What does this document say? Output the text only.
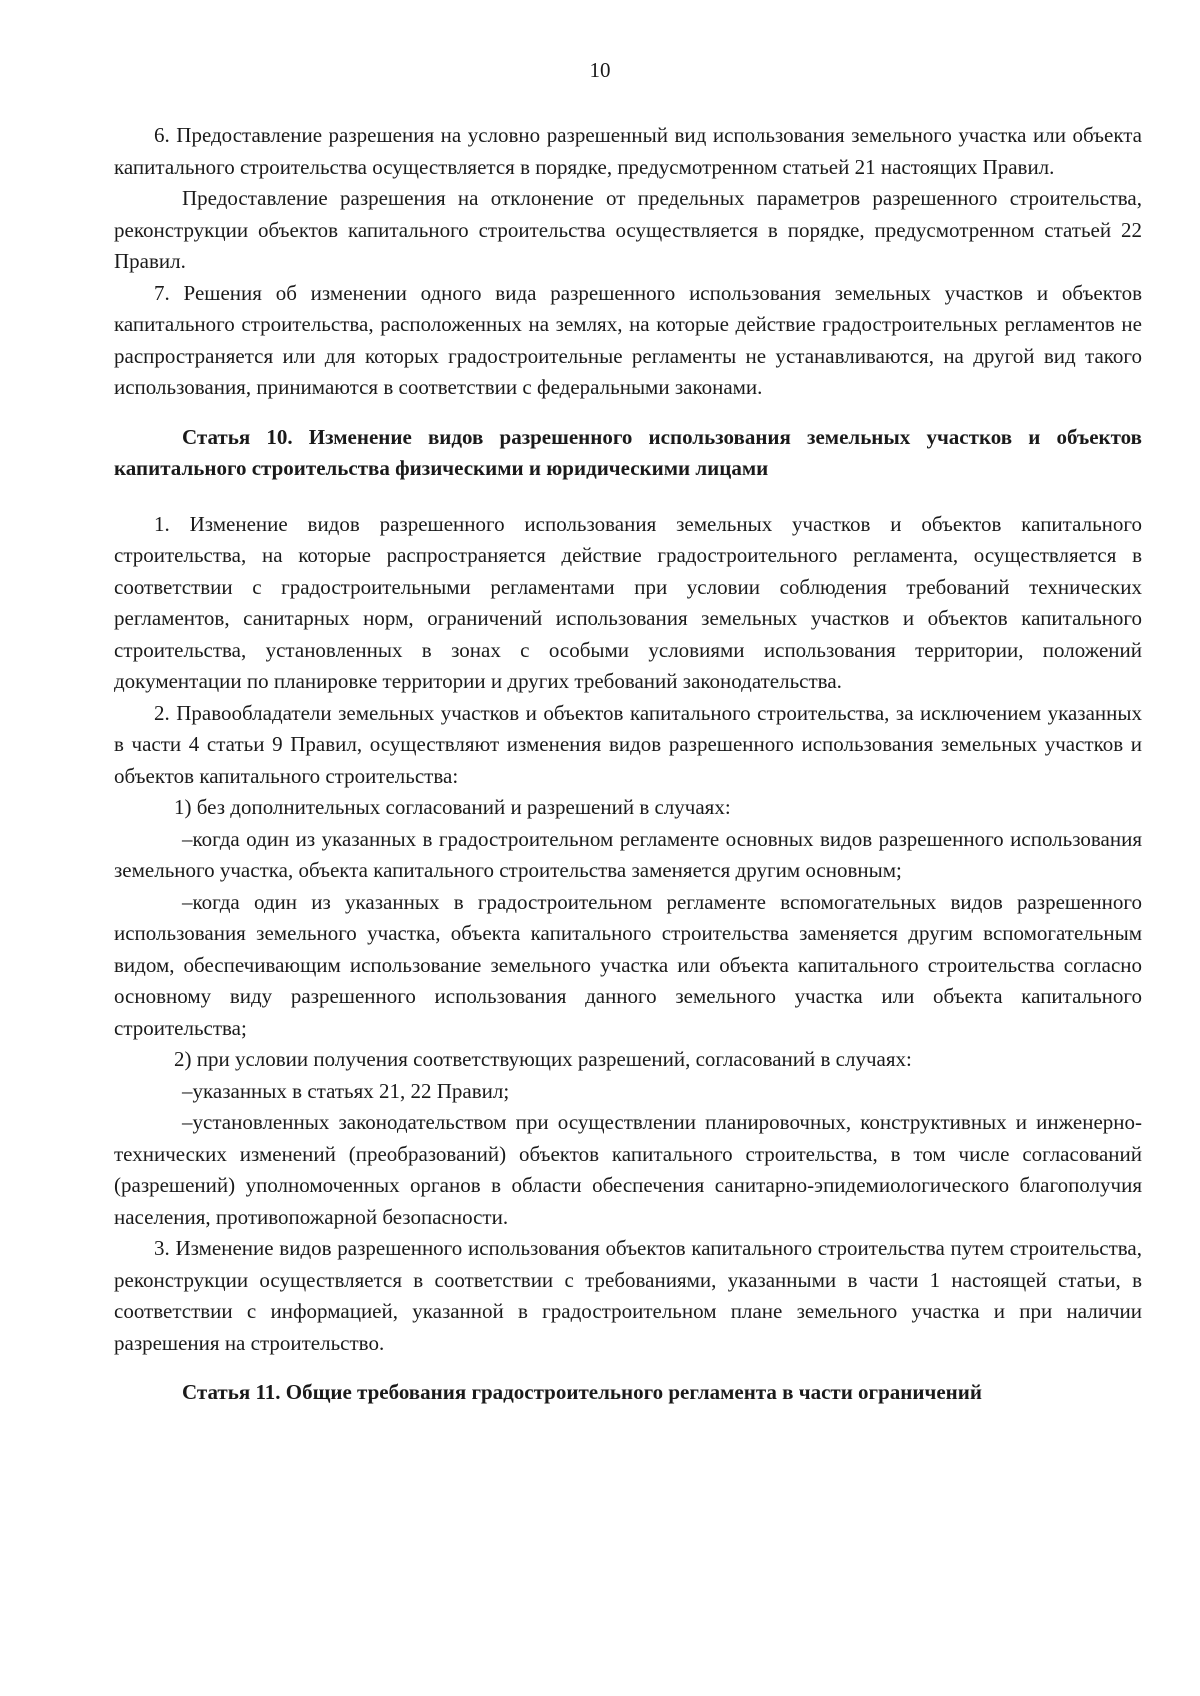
10

6. Предоставление разрешения на условно разрешенный вид использования земельного участка или объекта капитального строительства осуществляется в порядке, предусмотренном статьей 21 настоящих Правил.

Предоставление разрешения на отклонение от предельных параметров разрешенного строительства, реконструкции объектов капитального строительства осуществляется в порядке, предусмотренном статьей 22 Правил.

7. Решения об изменении одного вида разрешенного использования земельных участков и объектов капитального строительства, расположенных на землях, на которые действие градостроительных регламентов не распространяется или для которых градостроительные регламенты не устанавливаются, на другой вид такого использования, принимаются в соответствии с федеральными законами.

Статья 10. Изменение видов разрешенного использования земельных участков и объектов капитального строительства физическими и юридическими лицами

1. Изменение видов разрешенного использования земельных участков и объектов капитального строительства, на которые распространяется действие градостроительного регламента, осуществляется в соответствии с градостроительными регламентами при условии соблюдения требований технических регламентов, санитарных норм, ограничений использования земельных участков и объектов капитального строительства, установленных в зонах с особыми условиями использования территории, положений документации по планировке территории и других требований законодательства.

2. Правообладатели земельных участков и объектов капитального строительства, за исключением указанных в части 4 статьи 9 Правил, осуществляют изменения видов разрешенного использования земельных участков и объектов капитального строительства:

1) без дополнительных согласований и разрешений в случаях:

–когда один из указанных в градостроительном регламенте основных видов разрешенного использования земельного участка, объекта капитального строительства заменяется другим основным;

–когда один из указанных в градостроительном регламенте вспомогательных видов разрешенного использования земельного участка, объекта капитального строительства заменяется другим вспомогательным видом, обеспечивающим использование земельного участка или объекта капитального строительства согласно основному виду разрешенного использования данного земельного участка или объекта капитального строительства;

2) при условии получения соответствующих разрешений, согласований в случаях:

–указанных в статьях 21, 22 Правил;

–установленных законодательством при осуществлении планировочных, конструктивных и инженерно-технических изменений (преобразований) объектов капитального строительства, в том числе согласований (разрешений) уполномоченных органов в области обеспечения санитарно-эпидемиологического благополучия населения, противопожарной безопасности.

3. Изменение видов разрешенного использования объектов капитального строительства путем строительства, реконструкции осуществляется в соответствии с требованиями, указанными в части 1 настоящей статьи, в соответствии с информацией, указанной в градостроительном плане земельного участка и при наличии разрешения на строительство.

Статья 11. Общие требования градостроительного регламента в части ограничений
